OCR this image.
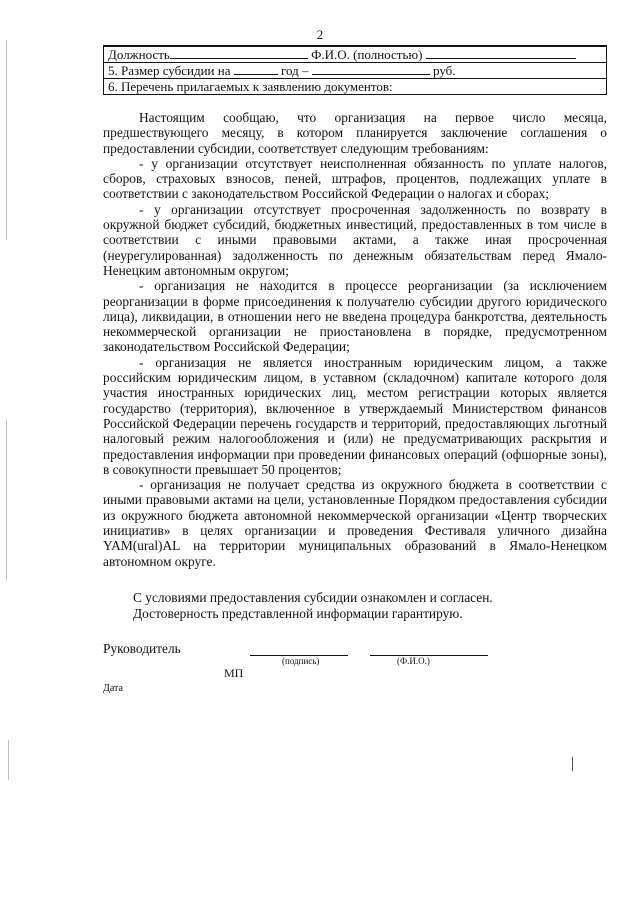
2
Должность	Ф.И.О. (полностью)
5. Размер субсидии на	год –	руб.
6. Перечень прилагаемых к заявлению документов:

Настоящим сообщаю, что организация на первое число месяца, предшествующего месяцу, в котором планируется заключение соглашения о предоставлении субсидии, соответствует следующим требованиям:

- у организации отсутствует неисполненная обязанность по уплате налогов, сборов, страховых взносов, пеней, штрафов, процентов, подлежащих уплате в соответствии с законодательством Российской Федерации о налогах и сборах;

- у организации отсутствует просроченная задолженность по возврату в окружной бюджет субсидий, бюджетных инвестиций, предоставленных в том числе в соответствии с иными правовыми актами, а также иная просроченная (неурегулированная) задолженность по денежным обязательствам перед Ямало-Ненецким автономным округом;

- организация не находится в процессе реорганизации (за исключением реорганизации в форме присоединения к получателю субсидии другого юридического лица), ликвидации, в отношении него не введена процедура банкротства, деятельность некоммерческой организации не приостановлена в порядке, предусмотренном законодательством Российской Федерации;

- организация не является иностранным юридическим лицом, а также российским юридическим лицом, в уставном (складочном) капитале которого доля участия иностранных юридических лиц, местом регистрации которых является государство (территория), включенное в утверждаемый Министерством финансов Российской Федерации перечень государств и территорий, предоставляющих льготный налоговый режим налогообложения и (или) не предусматривающих раскрытия и предоставления информации при проведении финансовых операций (офшорные зоны), в совокупности превышает 50 процентов;

- организация не получает средства из окружного бюджета в соответствии с иными правовыми актами на цели, установленные Порядком предоставления субсидии из окружного бюджета автономной некоммерческой организации «Центр творческих инициатив» в целях организации и проведения Фестиваля уличного дизайна YAM(ural)AL на территории муниципальных образований в Ямало-Ненецком автономном округе.

С условиями предоставления субсидии ознакомлен и согласен.

Достоверность представленной информации гарантирую.

Руководитель
(подпись)	(Ф.И.О.)
МП
Дата
